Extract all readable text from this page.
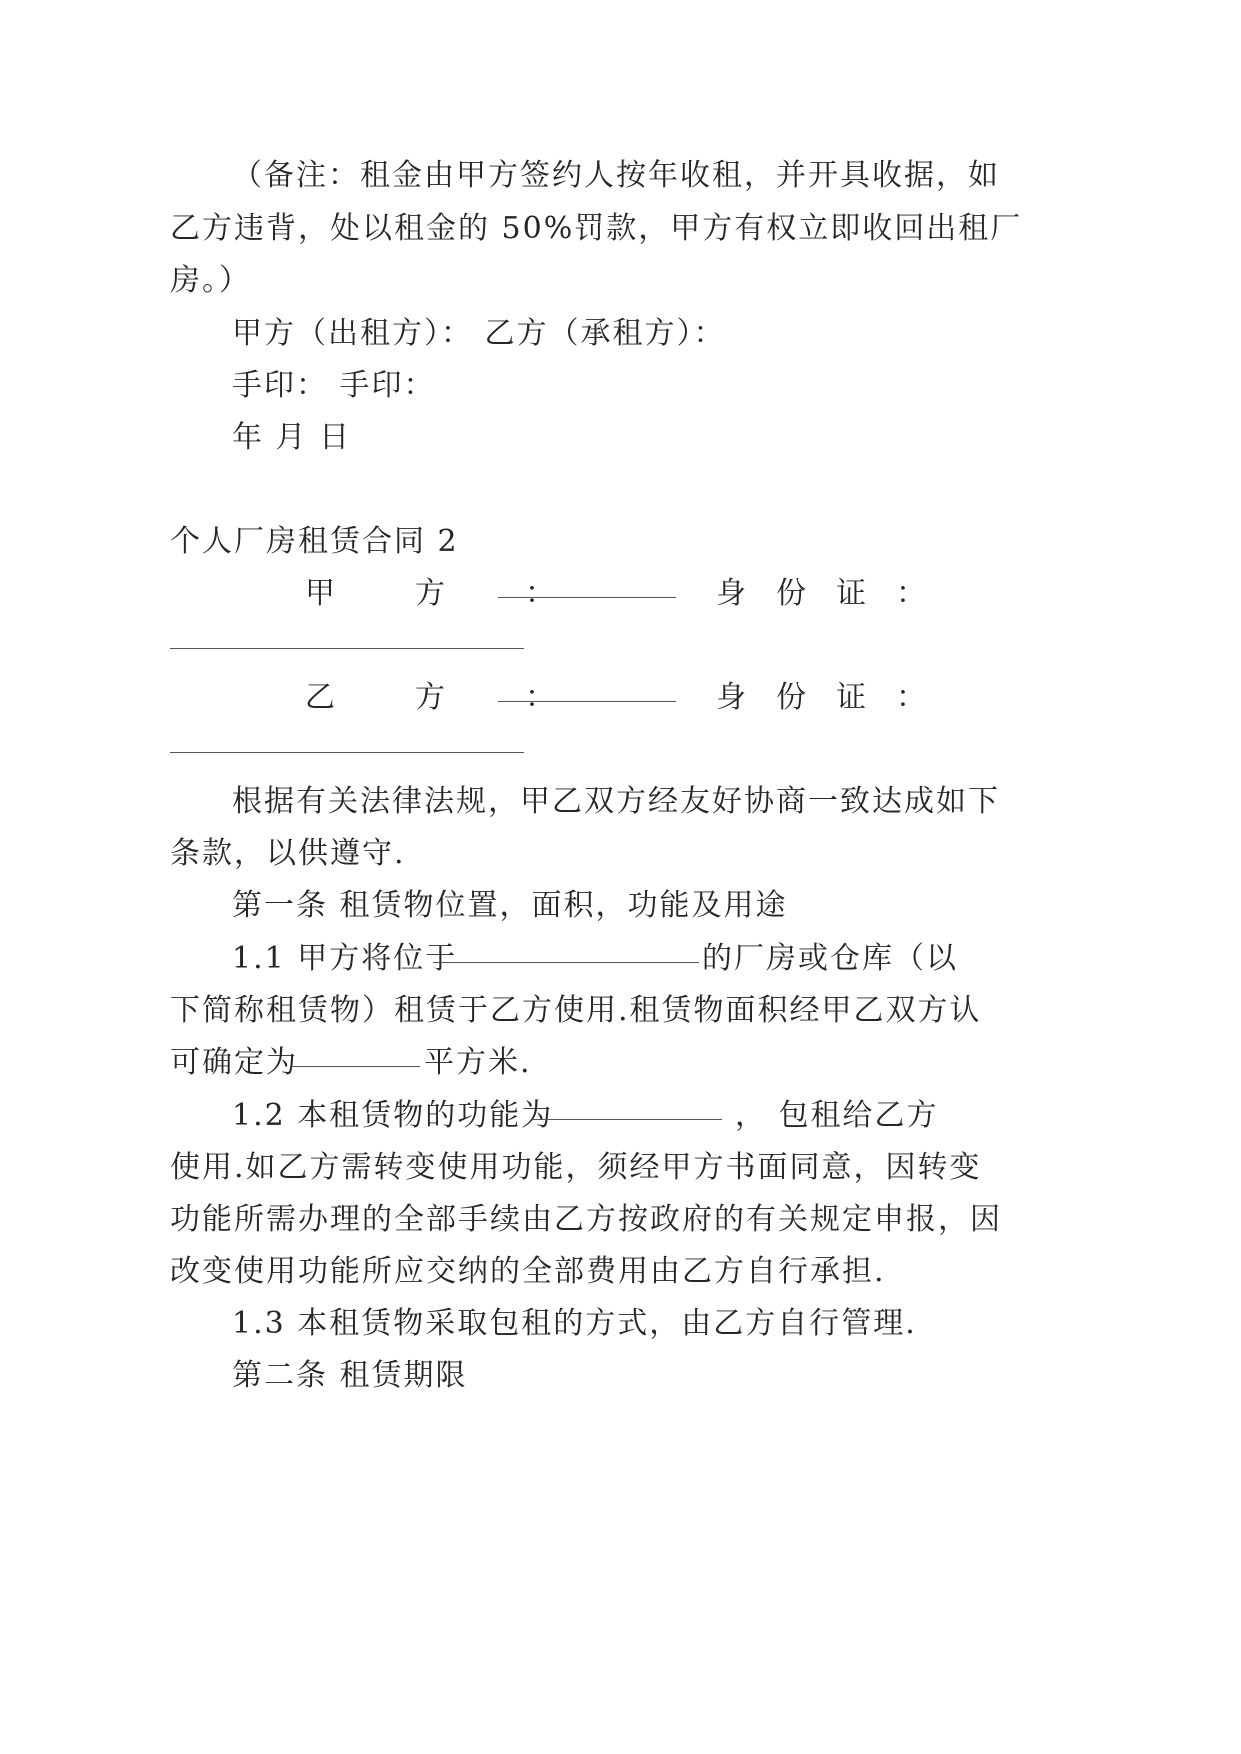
（备注：租金由甲方签约人按年收租，并开具收据，如
乙方违背，处以租金的 50%罚款，甲方有权立即收回出租厂
房。）
甲方（出租方）： 乙方（承租方）：
手印： 手印：
年 月 日
个人厂房租赁合同 2
甲	方	：	身 份 证 ：
乙	方	：	身 份 证 ：
根据有关法律法规，甲乙双方经友好协商一致达成如下
条款，以供遵守.
第一条 租赁物位置，面积，功能及用途
1.1 甲方将位于	的厂房或仓库（以
下简称租赁物）租赁于乙方使用.租赁物面积经甲乙双方认
可确定为	平方米.
1.2 本租赁物的功能为	， 包租给乙方
使用.如乙方需转变使用功能，须经甲方书面同意，因转变
功能所需办理的全部手续由乙方按政府的有关规定申报，因
改变使用功能所应交纳的全部费用由乙方自行承担.
1.3 本租赁物采取包租的方式，由乙方自行管理.
第二条 租赁期限
